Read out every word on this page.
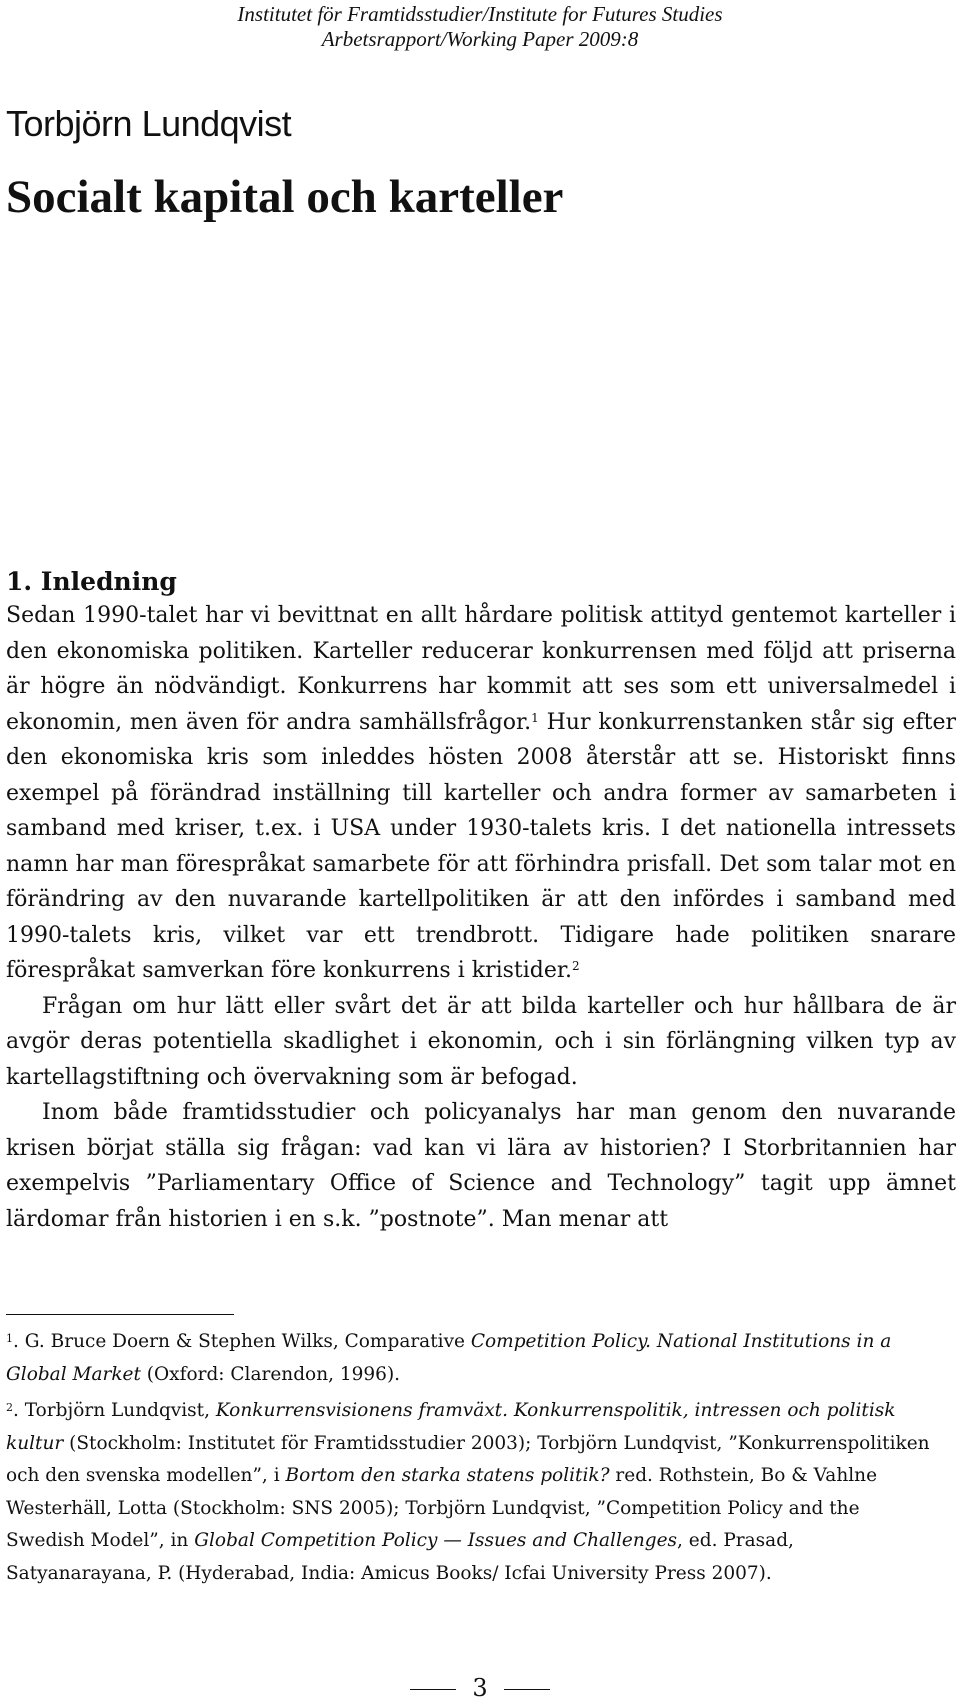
Institutet för Framtidsstudier/Institute for Futures Studies
Arbetsrapport/Working Paper 2009:8
Torbjörn Lundqvist
Socialt kapital och karteller
1. Inledning

Sedan 1990-talet har vi bevittnat en allt hårdare politisk attityd gentemot karteller i den ekonomiska politiken. Karteller reducerar konkurrensen med följd att priserna är högre än nödvändigt. Konkurrens har kommit att ses som ett universalmedel i ekonomin, men även för andra samhällsfrågor.$^1$ Hur konkurrenstanken står sig efter den ekonomiska kris som inleddes hösten 2008 återstår att se. Historiskt finns exempel på förändrad inställning till karteller och andra former av samarbeten i samband med kriser, t.ex. i USA under 1930-talets kris. I det nationella intressets namn har man förespråkat samarbete för att förhindra prisfall. Det som talar mot en förändring av den nuvarande kartellpolitiken är att den infördes i samband med 1990-talets kris, vilket var ett trendbrott. Tidigare hade politiken snarare förespråkat samverkan före konkurrens i kristider.$^2$

Frågan om hur lätt eller svårt det är att bilda karteller och hur hållbara de är avgör deras potentiella skadlighet i ekonomin, och i sin förlängning vilken typ av kartellagstiftning och övervakning som är befogad.

Inom både framtidsstudier och policyanalys har man genom den nuvarande krisen börjat ställa sig frågan: vad kan vi lära av historien? I Storbritannien har exempelvis ”Parliamentary Office of Science and Technology” tagit upp ämnet lärdomar från historien i en s.k. ”postnote”. Man menar att

$^1$. G. Bruce Doern & Stephen Wilks, Comparative Competition Policy. National Institutions in a Global Market (Oxford: Clarendon, 1996).

$^2$. Torbjörn Lundqvist, Konkurrensvisionens framväxt. Konkurrenspolitik, intressen och politisk kultur (Stockholm: Institutet för Framtidsstudier 2003); Torbjörn Lundqvist, ”Konkurrenspolitiken och den svenska modellen”, i Bortom den starka statens politik? red. Rothstein, Bo & Vahlne Westerhäll, Lotta (Stockholm: SNS 2005); Torbjörn Lundqvist, ”Competition Policy and the Swedish Model”, in Global Competition Policy — Issues and Challenges, ed. Prasad, Satyanarayana, P. (Hyderabad, India: Amicus Books/ Icfai University Press 2007).

3
